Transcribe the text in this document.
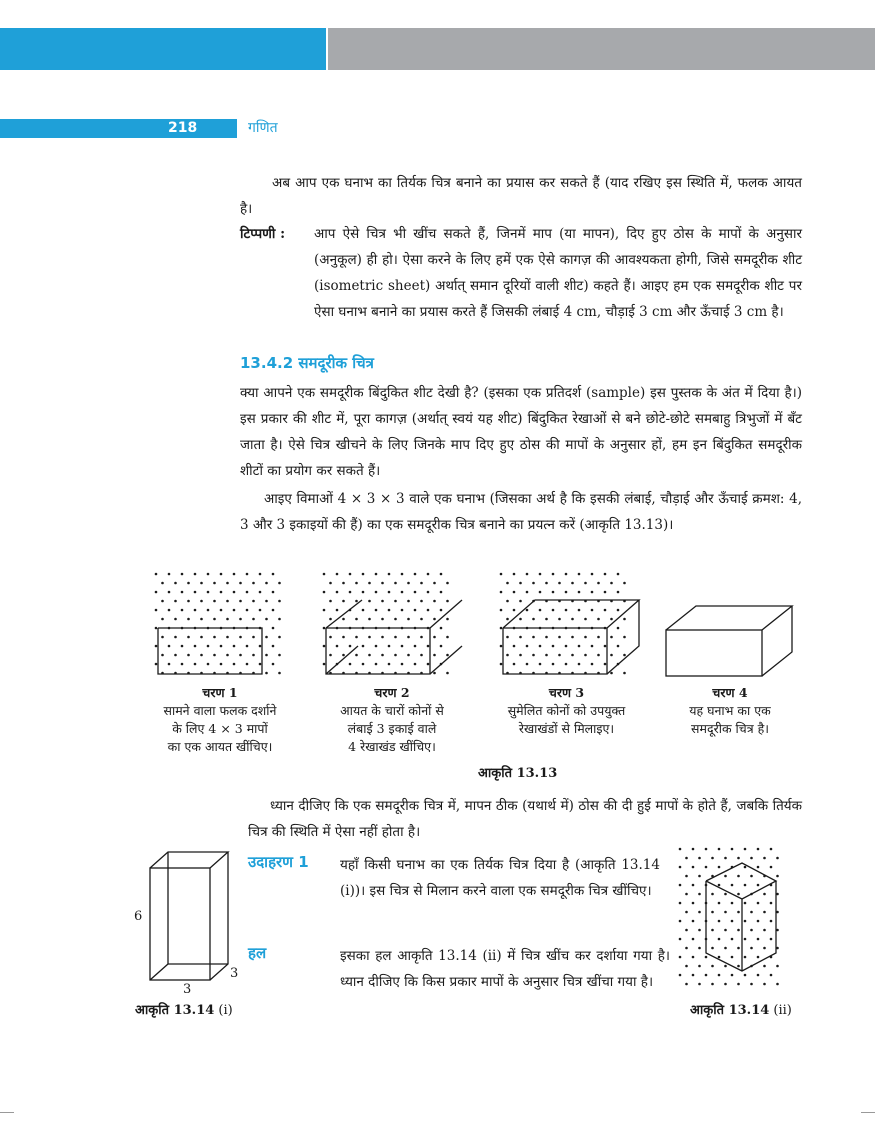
218	गणित

अब आप एक घनाभ का तिर्यक चित्र बनाने का प्रयास कर सकते हैं (याद रखिए इस स्थिति में, फलक आयत है।

टिप्पणी : आप ऐसे चित्र भी खींच सकते हैं, जिनमें माप (या मापन), दिए हुए ठोस के मापों के अनुसार (अनुकूल) ही हो। ऐसा करने के लिए हमें एक ऐसे कागज़ की आवश्यकता होगी, जिसे समदूरीक शीट (isometric sheet) अर्थात् समान दूरियों वाली शीट) कहते हैं। आइए हम एक समदूरीक शीट पर ऐसा घनाभ बनाने का प्रयास करते हैं जिसकी लंबाई 4 cm, चौड़ाई 3 cm और ऊँचाई 3 cm है।

13.4.2 समदूरीक चित्र

क्या आपने एक समदूरीक बिंदुकित शीट देखी है? (इसका एक प्रतिदर्श (sample) इस पुस्तक के अंत में दिया है।) इस प्रकार की शीट में, पूरा कागज़ (अर्थात् स्वयं यह शीट) बिंदुकित रेखाओं से बने छोटे-छोटे समबाहु त्रिभुजों में बँट जाता है। ऐसे चित्र खीचने के लिए जिनके माप दिए हुए ठोस की मापों के अनुसार हों, हम इन बिंदुकित समदूरीक शीटों का प्रयोग कर सकते हैं।

आइए विमाओं 4 × 3 × 3 वाले एक घनाभ (जिसका अर्थ है कि इसकी लंबाई, चौड़ाई और ऊँचाई क्रमश: 4, 3 और 3 इकाइयों की हैं) का एक समदूरीक चित्र बनाने का प्रयत्न करें (आकृति 13.13)।

चरण 1
सामने वाला फलक दर्शाने
के लिए 4 × 3 मापों
का एक आयत खींचिए।
चरण 2
आयत के चारों कोनों से
लंबाई 3 इकाई वाले
4 रेखाखंड खींचिए।
चरण 3
सुमेलित कोनों को उपयुक्त
रेखाखंडों से मिलाइए।
चरण 4
यह घनाभ का एक
समदूरीक चित्र है।
आकृति 13.13

ध्यान दीजिए कि एक समदूरीक चित्र में, मापन ठीक (यथार्थ में) ठोस की दी हुई मापों के होते हैं, जबकि तिर्यक चित्र की स्थिति में ऐसा नहीं होता है।

6
3
3
आकृति 13.14 (i)
उदाहरण 1 यहाँ किसी घनाभ का एक तिर्यक चित्र दिया है (आकृति 13.14 (i))। इस चित्र से मिलान करने वाला एक समदूरीक चित्र खींचिए।

हल	इसका हल आकृति 13.14 (ii) में चित्र खींच कर दर्शाया गया है। ध्यान दीजिए कि किस प्रकार मापों के अनुसार चित्र खींचा गया है।

आकृति 13.14 (ii)
